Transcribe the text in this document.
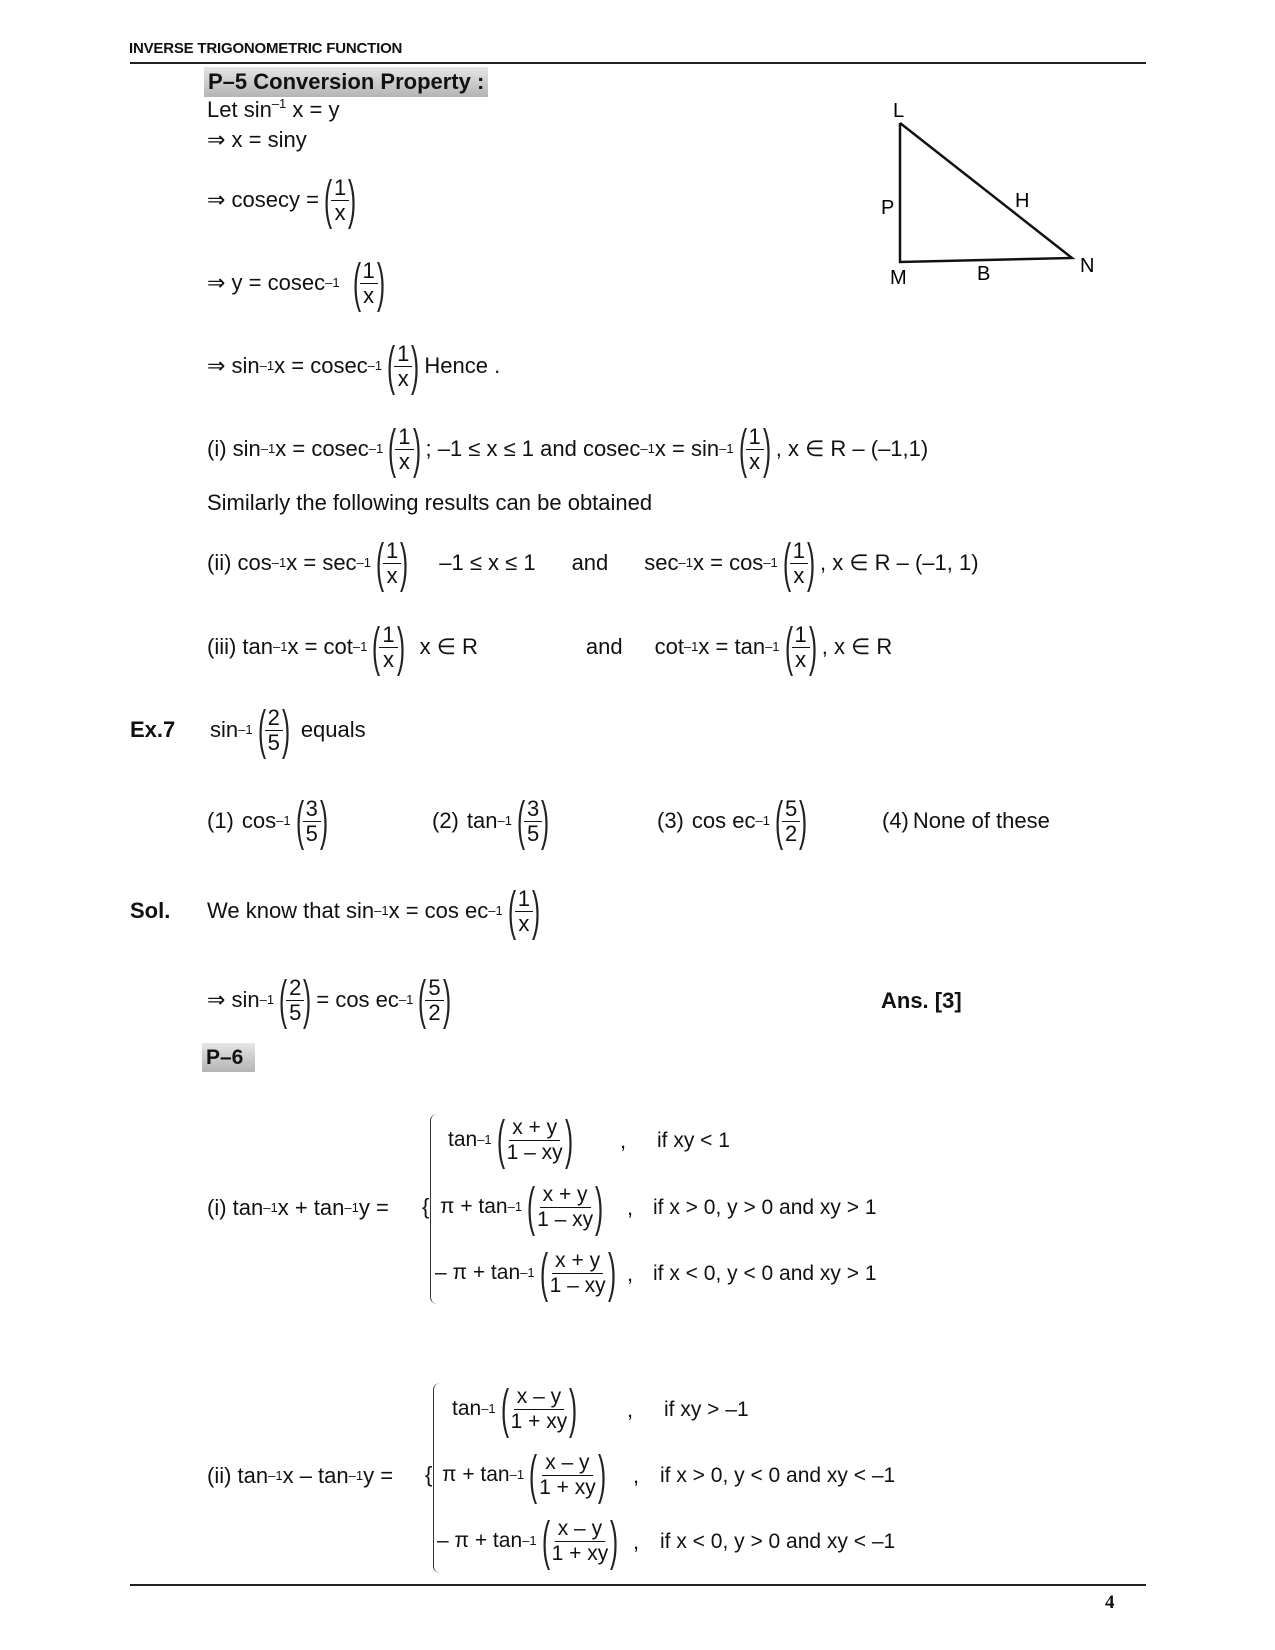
INVERSE TRIGONOMETRIC FUNCTION
P–5 Conversion Property :
Let $\sin^{-1} x = y$
⇒ x = siny
⇒ cosecy = (
$\frac{1}{x}$
)
⇒ y = cosec –1 (
$\frac{1}{x}$
)
⇒ sin –1 x = cosec –1 (
$\frac{1}{x}$
) Hence .
L
P	H
M	B	N
(i) sin –1 x = cosec –1 (
$\frac{1}{x}$
) ; –1 ≤ x ≤ 1 and cosec –1 x = sin –1 (
$\frac{1}{x}$
) , x ∈ R – (–1,1)
Similarly the following results can be obtained
(ii) cos –1 x = sec –1 (
$\frac{1}{x}$
) –1 ≤ x ≤ 1 and sec –1 x = cos –1 (
$\frac{1}{x}$
) , x ∈ R – (–1, 1)
(iii) tan –1 x = cot –1 (
$\frac{1}{x}$
) x ∈ R	and cot –1 x = tan –1 (
$\frac{1}{x}$
) , x ∈ R
Ex.7 sin –1 (
$\frac{2}{5}$
) equals
(1) cos –1 (
$\frac{3}{5}$
)	(2) tan –1 (
$\frac{3}{5}$
)	(3) cos ec –1 (
$\frac{5}{2}$
)	(4) None of these
Sol. We know that sin –1 x = cos ec –1 (
$\frac{1}{x}$
)
⇒ sin –1 (
$\frac{2}{5}$
) = cos ec –1 (
$\frac{5}{2}$
)	Ans. [3]
P–6
(i) tan –1 x + tan –1 y = {
tan –1 (
$\frac{x + y}{1 - xy}$
) , if xy < 1
π + tan –1 (
$\frac{x + y}{1 - xy}$
) , if x > 0, y > 0 and xy > 1
– π + tan –1 (
$\frac{x + y}{1 - xy}$
) , if x < 0, y < 0 and xy > 1
(ii) tan –1 x – tan –1 y = {
tan –1 (
$\frac{x - y}{1 + xy}$
) , if xy > –1
π + tan –1 (
$\frac{x - y}{1 + xy}$
) , if x > 0, y < 0 and xy < –1
– π + tan –1 (
$\frac{x - y}{1 + xy}$
) , if x < 0, y > 0 and xy < –1
4
